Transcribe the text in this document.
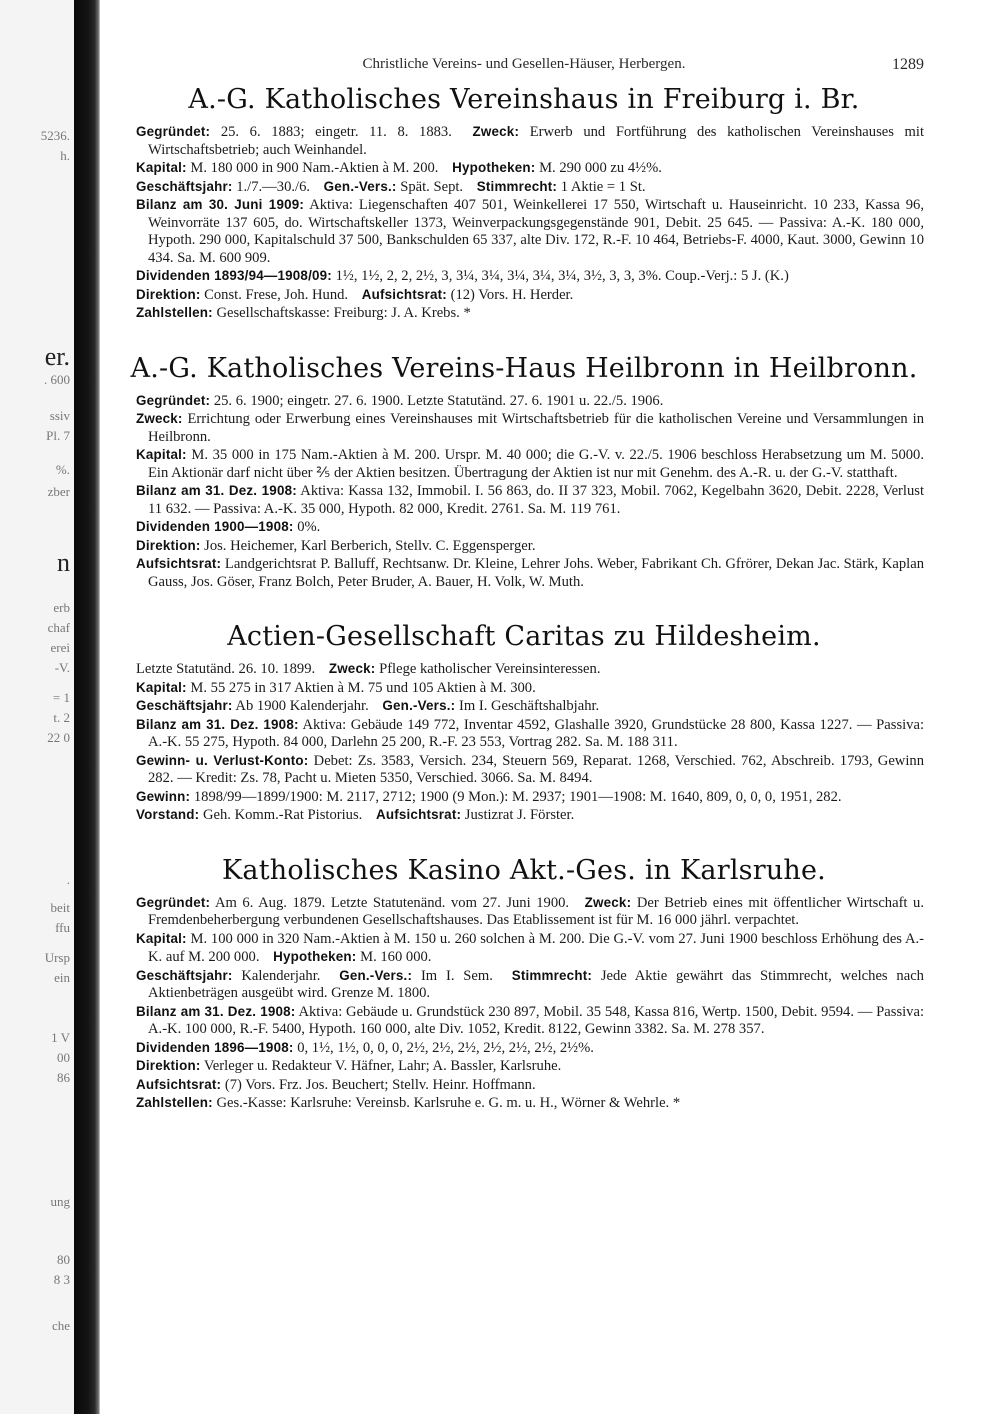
5236.
h.
er.
. 600
ssiv
Pl. 7
%.
zber
n
erb
chaf
erei
-V.
= 1
t. 2
22 0
.
beit
ffu
Ursp
ein
1 V
00
86
ung
80
8 3
che
Christliche Vereins- und Gesellen-Häuser, Herbergen.	1289
A.-G. Katholisches Vereinshaus in Freiburg i. Br.

Gegründet: 25. 6. 1883; eingetr. 11. 8. 1883. Zweck: Erwerb und Fortführung des katholischen Vereinshauses mit Wirtschaftsbetrieb; auch Weinhandel.

Kapital: M. 180 000 in 900 Nam.-Aktien à M. 200. Hypotheken: M. 290 000 zu 4½%.

Geschäftsjahr: 1./7.—30./6. Gen.-Vers.: Spät. Sept. Stimmrecht: 1 Aktie = 1 St.

Bilanz am 30. Juni 1909: Aktiva: Liegenschaften 407 501, Weinkellerei 17 550, Wirtschaft u. Hauseinricht. 10 233, Kassa 96, Weinvorräte 137 605, do. Wirtschaftskeller 1373, Weinverpackungsgegenstände 901, Debit. 25 645. — Passiva: A.-K. 180 000, Hypoth. 290 000, Kapitalschuld 37 500, Bankschulden 65 337, alte Div. 172, R.-F. 10 464, Betriebs-F. 4000, Kaut. 3000, Gewinn 10 434. Sa. M. 600 909.

Dividenden 1893/94—1908/09: 1½, 1½, 2, 2, 2½, 3, 3¼, 3¼, 3¼, 3¼, 3¼, 3½, 3, 3, 3%. Coup.-Verj.: 5 J. (K.)

Direktion: Const. Frese, Joh. Hund. Aufsichtsrat: (12) Vors. H. Herder.

Zahlstellen: Gesellschaftskasse: Freiburg: J. A. Krebs. *

A.-G. Katholisches Vereins-Haus Heilbronn in Heilbronn.

Gegründet: 25. 6. 1900; eingetr. 27. 6. 1900. Letzte Statutänd. 27. 6. 1901 u. 22./5. 1906.

Zweck: Errichtung oder Erwerbung eines Vereinshauses mit Wirtschaftsbetrieb für die katholischen Vereine und Versammlungen in Heilbronn.

Kapital: M. 35 000 in 175 Nam.-Aktien à M. 200. Urspr. M. 40 000; die G.-V. v. 22./5. 1906 beschloss Herabsetzung um M. 5000. Ein Aktionär darf nicht über ⅖ der Aktien besitzen. Übertragung der Aktien ist nur mit Genehm. des A.-R. u. der G.-V. statthaft.

Bilanz am 31. Dez. 1908: Aktiva: Kassa 132, Immobil. I. 56 863, do. II 37 323, Mobil. 7062, Kegelbahn 3620, Debit. 2228, Verlust 11 632. — Passiva: A.-K. 35 000, Hypoth. 82 000, Kredit. 2761. Sa. M. 119 761.

Dividenden 1900—1908: 0%.

Direktion: Jos. Heichemer, Karl Berberich, Stellv. C. Eggensperger.

Aufsichtsrat: Landgerichtsrat P. Balluff, Rechtsanw. Dr. Kleine, Lehrer Johs. Weber, Fabrikant Ch. Gfrörer, Dekan Jac. Stärk, Kaplan Gauss, Jos. Göser, Franz Bolch, Peter Bruder, A. Bauer, H. Volk, W. Muth.

Actien-Gesellschaft Caritas zu Hildesheim.

Letzte Statutänd. 26. 10. 1899. Zweck: Pflege katholischer Vereinsinteressen.

Kapital: M. 55 275 in 317 Aktien à M. 75 und 105 Aktien à M. 300.

Geschäftsjahr: Ab 1900 Kalenderjahr. Gen.-Vers.: Im I. Geschäftshalbjahr.

Bilanz am 31. Dez. 1908: Aktiva: Gebäude 149 772, Inventar 4592, Glashalle 3920, Grundstücke 28 800, Kassa 1227. — Passiva: A.-K. 55 275, Hypoth. 84 000, Darlehn 25 200, R.-F. 23 553, Vortrag 282. Sa. M. 188 311.

Gewinn- u. Verlust-Konto: Debet: Zs. 3583, Versich. 234, Steuern 569, Reparat. 1268, Verschied. 762, Abschreib. 1793, Gewinn 282. — Kredit: Zs. 78, Pacht u. Mieten 5350, Verschied. 3066. Sa. M. 8494.

Gewinn: 1898/99—1899/1900: M. 2117, 2712; 1900 (9 Mon.): M. 2937; 1901—1908: M. 1640, 809, 0, 0, 0, 1951, 282.

Vorstand: Geh. Komm.-Rat Pistorius. Aufsichtsrat: Justizrat J. Förster.

Katholisches Kasino Akt.-Ges. in Karlsruhe.

Gegründet: Am 6. Aug. 1879. Letzte Statutenänd. vom 27. Juni 1900. Zweck: Der Betrieb eines mit öffentlicher Wirtschaft u. Fremdenbeherbergung verbundenen Gesellschaftshauses. Das Etablissement ist für M. 16 000 jährl. verpachtet.

Kapital: M. 100 000 in 320 Nam.-Aktien à M. 150 u. 260 solchen à M. 200. Die G.-V. vom 27. Juni 1900 beschloss Erhöhung des A.-K. auf M. 200 000. Hypotheken: M. 160 000.

Geschäftsjahr: Kalenderjahr. Gen.-Vers.: Im I. Sem. Stimmrecht: Jede Aktie gewährt das Stimmrecht, welches nach Aktienbeträgen ausgeübt wird. Grenze M. 1800.

Bilanz am 31. Dez. 1908: Aktiva: Gebäude u. Grundstück 230 897, Mobil. 35 548, Kassa 816, Wertp. 1500, Debit. 9594. — Passiva: A.-K. 100 000, R.-F. 5400, Hypoth. 160 000, alte Div. 1052, Kredit. 8122, Gewinn 3382. Sa. M. 278 357.

Dividenden 1896—1908: 0, 1½, 1½, 0, 0, 0, 2½, 2½, 2½, 2½, 2½, 2½, 2½%.

Direktion: Verleger u. Redakteur V. Häfner, Lahr; A. Bassler, Karlsruhe.

Aufsichtsrat: (7) Vors. Frz. Jos. Beuchert; Stellv. Heinr. Hoffmann.

Zahlstellen: Ges.-Kasse: Karlsruhe: Vereinsb. Karlsruhe e. G. m. u. H., Wörner & Wehrle. *
